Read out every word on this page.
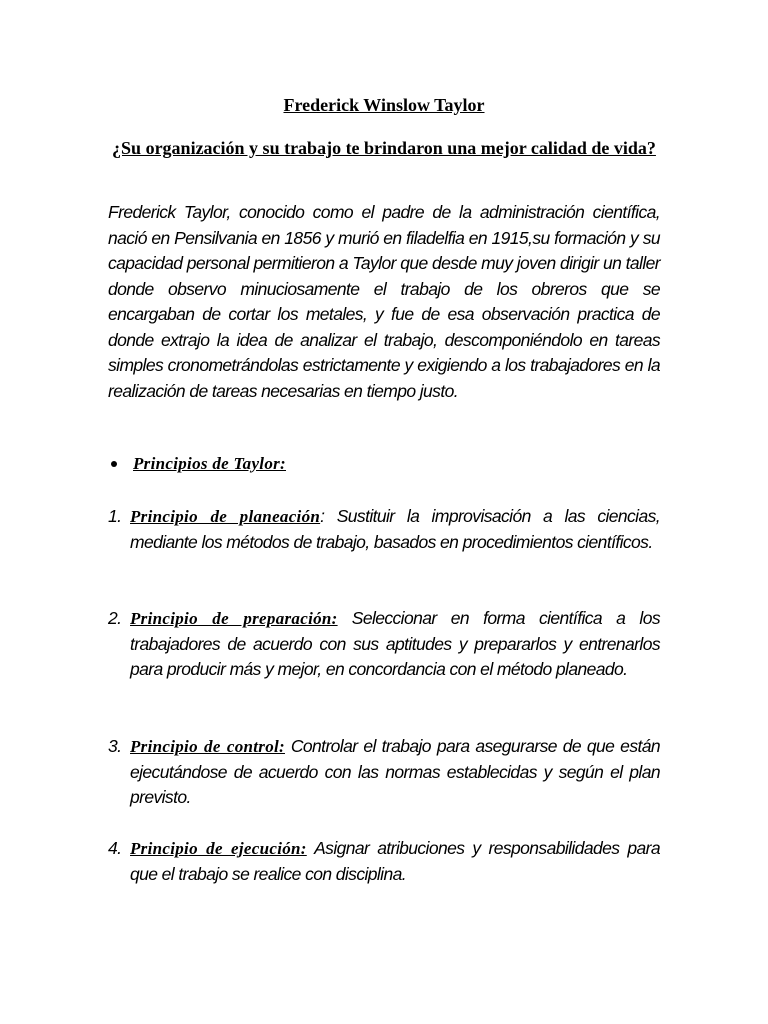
Frederick Winslow Taylor
¿Su organización y su trabajo te brindaron una mejor calidad de vida?

Frederick Taylor, conocido como el padre de la administración científica, nació en Pensilvania en 1856 y murió en filadelfia en 1915,su formación y su capacidad personal permitieron a Taylor que desde muy joven dirigir un taller donde observo minuciosamente el trabajo de los obreros que se encargaban de cortar los metales, y fue de esa observación practica de donde extrajo la idea de analizar el trabajo, descomponiéndolo en tareas simples cronometrándolas estrictamente y exigiendo a los trabajadores en la realización de tareas necesarias en tiempo justo.

Principios de Taylor:
1. Principio de planeación: Sustituir la improvisación a las ciencias, mediante los métodos de trabajo, basados en procedimientos científicos.

2. Principio de preparación: Seleccionar en forma científica a los trabajadores de acuerdo con sus aptitudes y prepararlos y entrenarlos para producir más y mejor, en concordancia con el método planeado.

3. Principio de control: Controlar el trabajo para asegurarse de que están ejecutándose de acuerdo con las normas establecidas y según el plan previsto.

4. Principio de ejecución: Asignar atribuciones y responsabilidades para que el trabajo se realice con disciplina.
